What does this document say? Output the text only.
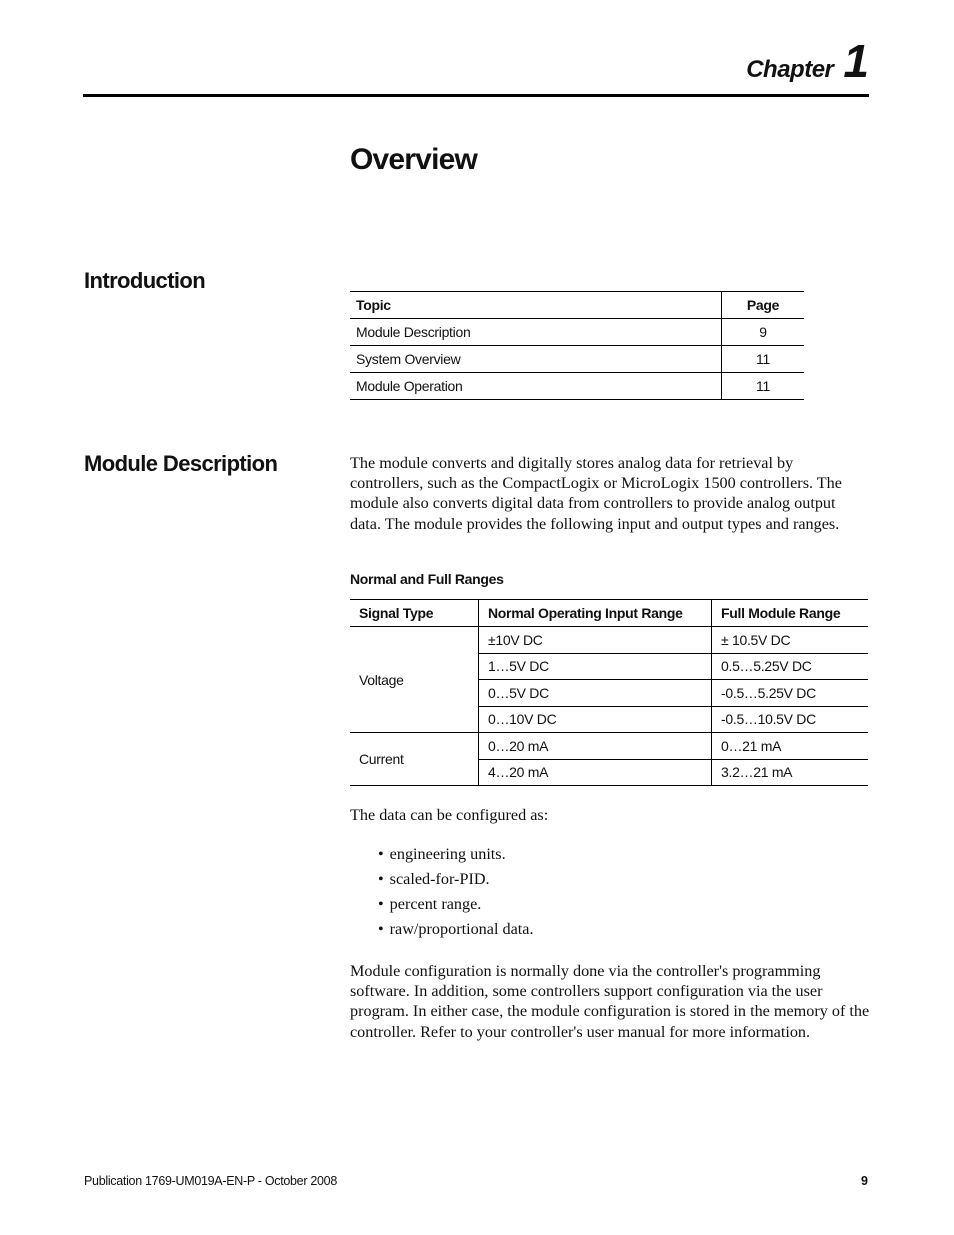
Chapter 1
Overview
Introduction
Topic	Page
Module Description	9
System Overview	11
Module Operation	11
Module Description	The module converts and digitally stores analog data for retrieval by controllers, such as the CompactLogix or MicroLogix 1500 controllers. The module also converts digital data from controllers to provide analog output data. The module provides the following input and output types and ranges.

Normal and Full Ranges

Signal Type	Normal Operating Input Range	Full Module Range
Voltage	±10V DC	± 10.5V DC
	1…5V DC	0.5…5.25V DC
	0…5V DC	-0.5…5.25V DC
	0…10V DC	-0.5…10.5V DC
Current	0…20 mA	0…21 mA
	4…20 mA	3.2…21 mA

The data can be configured as:

• engineering units.
• scaled-for-PID.
• percent range.
• raw/proportional data.

Module configuration is normally done via the controller's programming software. In addition, some controllers support configuration via the user program. In either case, the module configuration is stored in the memory of the controller. Refer to your controller's user manual for more information.

Publication 1769-UM019A-EN-P - October 2008	9
